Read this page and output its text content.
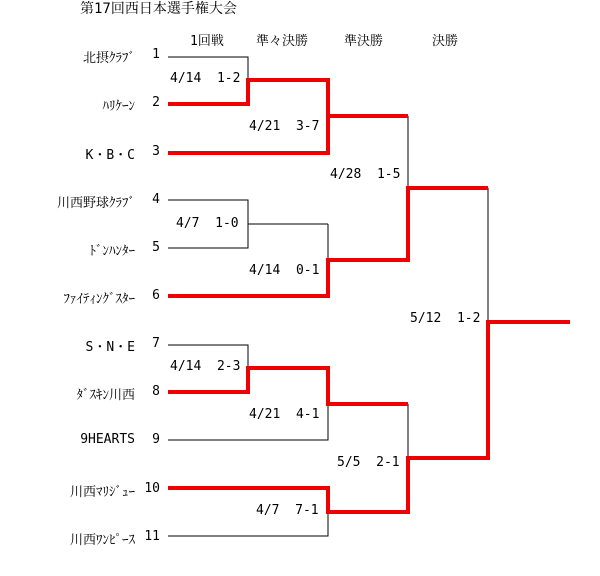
第17回西日本選手権大会
1回戦 準々決勝	準決勝	決勝
北摂ｸﾗﾌﾞ	1
ﾊﾘｹｰﾝ	2
K・B・C	3
川西野球ｸﾗﾌﾞ	4
ﾄﾞﾝﾊﾝﾀｰ	5
ﾌｧｲﾃｨﾝｸﾞｽﾀｰ	6
S・N・E	7
ﾀﾞｽｷﾝ川西	8
9HEARTS	9
川西ﾏﾘｼﾞｭｰ 10
川西ﾜﾝﾋﾟｰｽ 11
4/14 1-2
4/21 3-7
4/7 1-0
4/14 0-1
4/28 1-5
4/14 2-3
4/21 4-1
5/5 2-1
5/12 1-2
4/7 7-1
